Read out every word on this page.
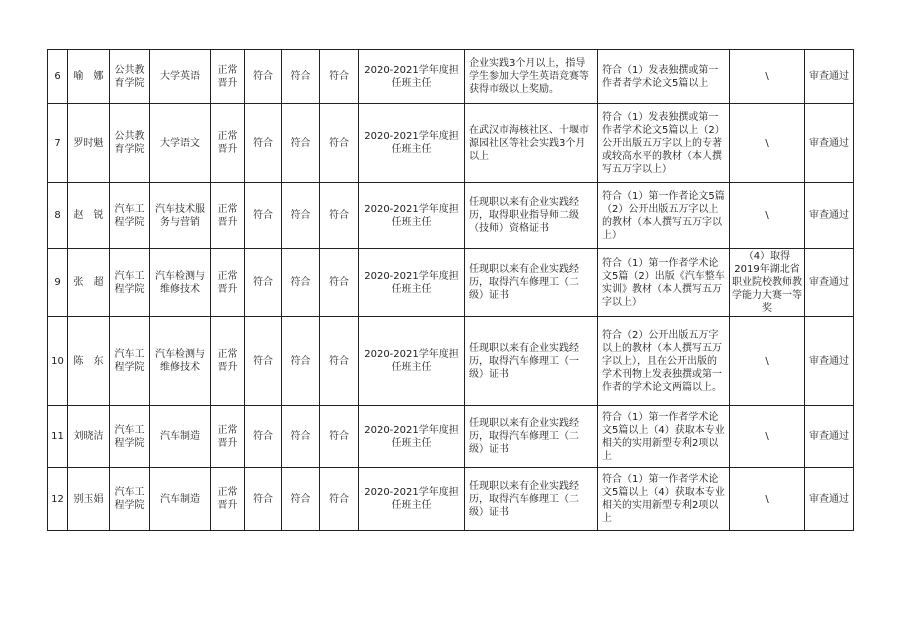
6	喻　娜	公共教育学院	大学英语	正常晋升	符合	符合	符合	2020-2021学年度担任班主任	企业实践3个月以上，指导学生参加大学生英语竞赛等获得市级以上奖励。	符合（1）发表独撰或第一作者者学术论文5篇以上	\	审查通过
7	罗时魁	公共教育学院	大学语文	正常晋升	符合	符合	符合	2020-2021学年度担任班主任	在武汉市海核社区、十堰市源园社区等社会实践3个月以上	符合（1）发表独撰或第一作者学术论文5篇以上（2）公开出版五万字以上的专著或较高水平的教材（本人撰写五万字以上）	\	审查通过
8	赵　锐	汽车工程学院	汽车技术服务与营销	正常晋升	符合	符合	符合	2020-2021学年度担任班主任	任现职以来有企业实践经历，取得职业指导师二级（技师）资格证书	符合（1）第一作者论文5篇（2）公开出版五万字以上的教材（本人撰写五万字以上）	\	审查通过
9	张　超	汽车工程学院	汽车检测与维修技术	正常晋升	符合	符合	符合	2020-2021学年度担任班主任	任现职以来有企业实践经历，取得汽车修理工（二级）证书	符合（1）第一作者学术论文5篇（2）出版《汽车整车实训》教材（本人撰写五万字以上）	（4）取得2019年湖北省职业院校教师教学能力大赛一等奖	审查通过
10	陈　东	汽车工程学院	汽车检测与维修技术	正常晋升	符合	符合	符合	2020-2021学年度担任班主任	任现职以来有企业实践经历，取得汽车修理工（一级）证书	符合（2）公开出版五万字以上的教材（本人撰写五万字以上），且在公开出版的学术刊物上发表独撰或第一作者的学术论文两篇以上。	\	审查通过
11	刘晓洁	汽车工程学院	汽车制造	正常晋升	符合	符合	符合	2020-2021学年度担任班主任	任现职以来有企业实践经历，取得汽车修理工（二级）证书	符合（1）第一作者学术论文5篇以上（4）获取本专业相关的实用新型专利2项以上	\	审查通过
12	别玉娟	汽车工程学院	汽车制造	正常晋升	符合	符合	符合	2020-2021学年度担任班主任	任现职以来有企业实践经历，取得汽车修理工（二级）证书	符合（1）第一作者学术论文5篇以上（4）获取本专业相关的实用新型专利2项以上	\	审查通过
